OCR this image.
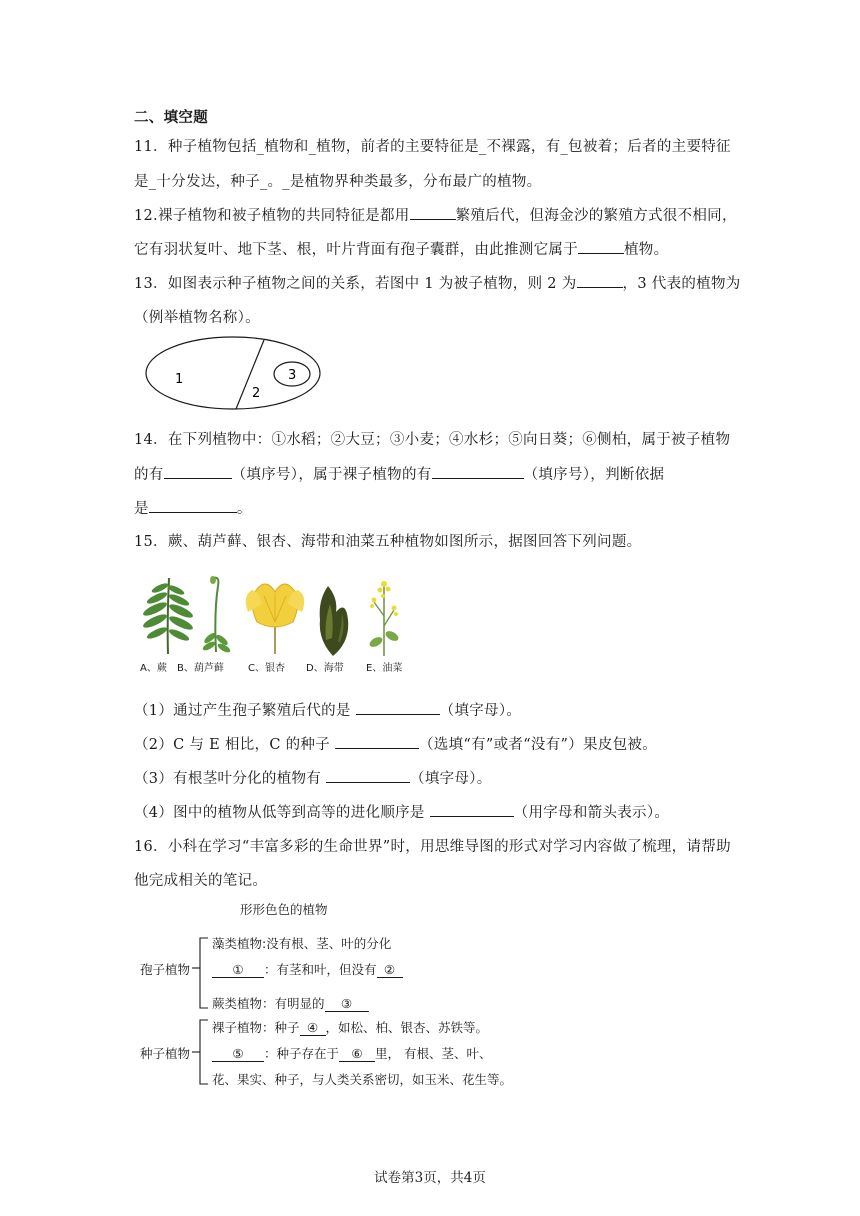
二、填空题
11．种子植物包括_植物和_植物，前者的主要特征是_不裸露，有_包被着；后者的主要特征
是_十分发达，种子_。_是植物界种类最多，分布最广的植物。
12.裸子植物和被子植物的共同特征是都用	繁殖后代，但海金沙的繁殖方式很不相同，
它有羽状复叶、地下茎、根，叶片背面有孢子囊群，由此推测它属于	植物。
13．如图表示种子植物之间的关系，若图中 1 为被子植物，则 2 为	，3 代表的植物为
（例举植物名称）。
1
2
3
14．在下列植物中：①水稻；②大豆；③小麦；④水杉；⑤向日葵；⑥侧柏，属于被子植物
的有	（填序号），属于裸子植物的有	（填序号），判断依据
是	。
15．蕨、葫芦藓、银杏、海带和油菜五种植物如图所示，据图回答下列问题。
A、蕨 B、葫芦藓 C、银杏 D、海带 E、油菜
（1）通过产生孢子繁殖后代的是	（填字母）。
（2）C 与 E 相比，C 的种子	（选填“有”或者“没有”）果皮包被。
（3）有根茎叶分化的植物有	（填字母）。
（4）图中的植物从低等到高等的进化顺序是	（用字母和箭头表示）。
16．小科在学习“丰富多彩的生命世界”时，用思维导图的形式对学习内容做了梳理，请帮助
他完成相关的笔记。
形形色色的植物
孢子植物
种子植物
藻类植物:没有根、茎、叶的分化
① ：有茎和叶，但没有 ②
蕨类植物：有明显的 ③
裸子植物：种子 ④ ，如松、柏、银杏、苏铁等。
⑤ ：种子存在于 ⑥ 里， 有根、茎、叶、
花、果实、种子，与人类关系密切，如玉米、花生等。
试卷第3页，共4页
